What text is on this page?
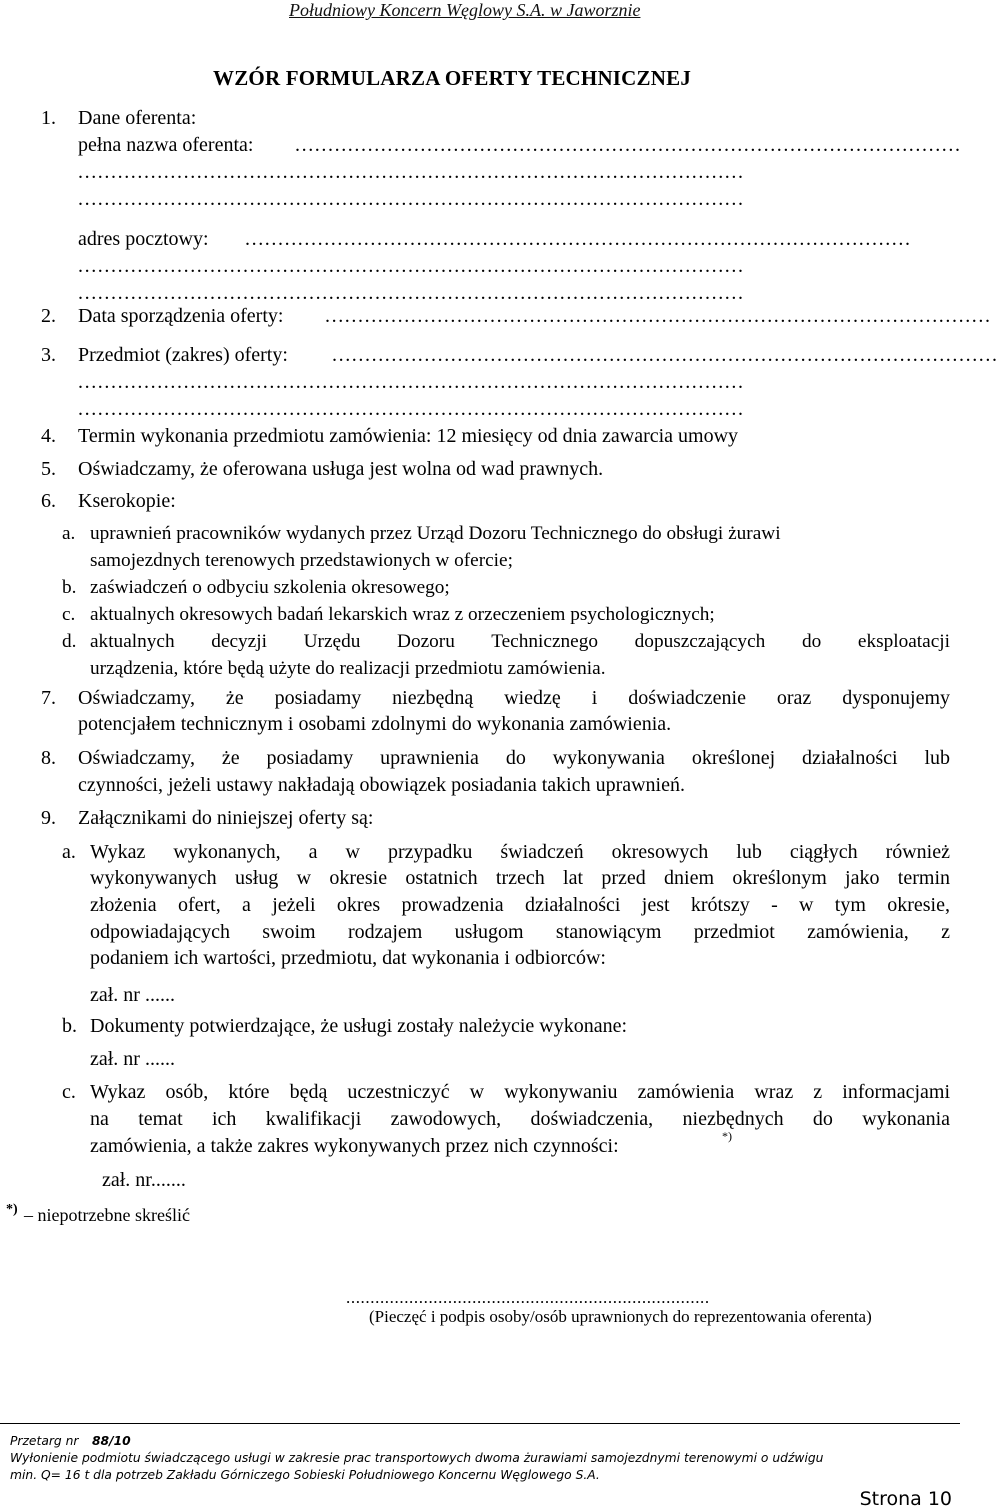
Południowy Koncern Węglowy S.A. w Jaworznie
WZÓR FORMULARZA OFERTY TECHNICZNEJ
1. Dane oferenta:
pełna nazwa oferenta: .....................................................................................................
.....................................................................................................
.....................................................................................................
adres pocztowy: .....................................................................................................
.....................................................................................................
.....................................................................................................
2. Data sporządzenia oferty: .....................................................................................................
3. Przedmiot (zakres) oferty: .....................................................................................................
.....................................................................................................
.....................................................................................................
4. Termin wykonania przedmiotu zamówienia: 12 miesięcy od dnia zawarcia umowy
5. Oświadczamy, że oferowana usługa jest wolna od wad prawnych.
6. Kserokopie:
a. uprawnień pracowników wydanych przez Urząd Dozoru Technicznego do obsługi żurawi
samojezdnych terenowych przedstawionych w ofercie;
b. zaświadczeń o odbyciu szkolenia okresowego;
c. aktualnych okresowych badań lekarskich wraz z orzeczeniem psychologicznych;
d. aktualnych decyzji Urzędu Dozoru Technicznego dopuszczających do eksploatacji
urządzenia, które będą użyte do realizacji przedmiotu zamówienia.
7. Oświadczamy, że posiadamy niezbędną wiedzę i doświadczenie oraz dysponujemy
potencjałem technicznym i osobami zdolnymi do wykonania zamówienia.
8. Oświadczamy, że posiadamy uprawnienia do wykonywania określonej działalności lub
czynności, jeżeli ustawy nakładają obowiązek posiadania takich uprawnień.
9. Załącznikami do niniejszej oferty są:
a. Wykaz wykonanych, a w przypadku świadczeń okresowych lub ciągłych również
wykonywanych usług w okresie ostatnich trzech lat przed dniem określonym jako termin
złożenia ofert, a jeżeli okres prowadzenia działalności jest krótszy - w tym okresie,
odpowiadających swoim rodzajem usługom stanowiącym przedmiot zamówienia, z
podaniem ich wartości, przedmiotu, dat wykonania i odbiorców:
zał. nr ......
b. Dokumenty potwierdzające, że usługi zostały należycie wykonane:
zał. nr ......
c. Wykaz osób, które będą uczestniczyć w wykonywaniu zamówienia wraz z informacjami
na temat ich kwalifikacji zawodowych, doświadczenia, niezbędnych do wykonania
zamówienia, a także zakres wykonywanych przez nich czynności:	*)
zał. nr.......
*) – niepotrzebne skreślić
...........................................................................
(Pieczęć i podpis osoby/osób uprawnionych do reprezentowania oferenta)
Przetarg nr 88/10
Wyłonienie podmiotu świadczącego usługi w zakresie prac transportowych dwoma żurawiami samojezdnymi terenowymi o udźwigu
min. Q= 16 t dla potrzeb Zakładu Górniczego Sobieski Południowego Koncernu Węglowego S.A.
Strona 10
